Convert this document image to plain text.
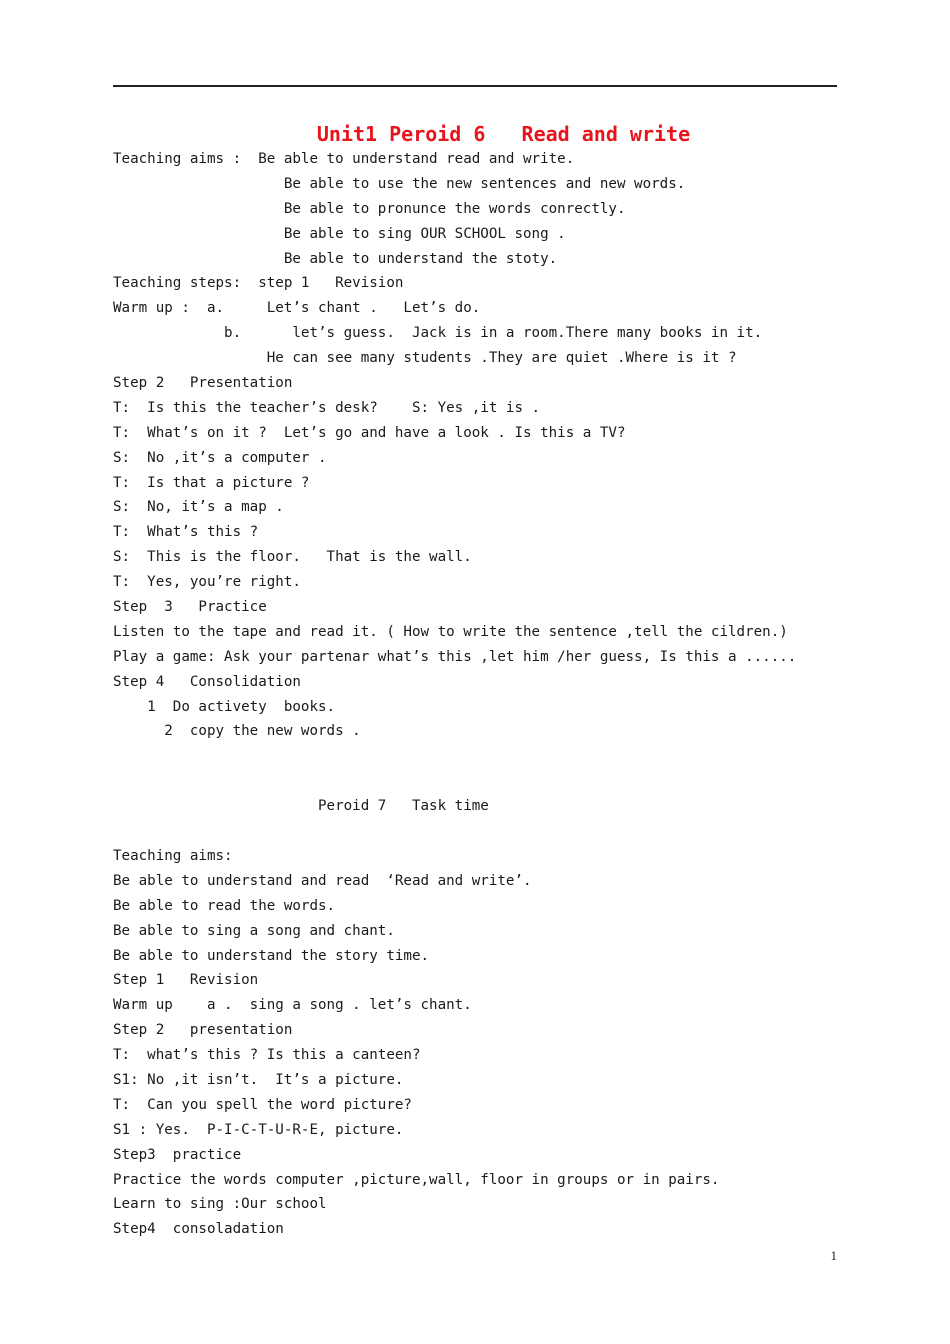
Unit1 Peroid 6   Read and write
Teaching aims :  Be able to understand read and write.
Be able to use the new sentences and new words.
Be able to pronunce the words conrectly.
Be able to sing OUR SCHOOL song .
Be able to understand the stoty.
Teaching steps:  step 1   Revision
Warm up :  a.     Let’s chant .   Let’s do.
b.      let’s guess.  Jack is in a room.There many books in it.
He can see many students .They are quiet .Where is it ?
Step 2   Presentation
T:  Is this the teacher’s desk?    S: Yes ,it is .
T:  What’s on it ?  Let’s go and have a look . Is this a TV?
S:  No ,it’s a computer .
T:  Is that a picture ?
S:  No, it’s a map .
T:  What’s this ?
S:  This is the floor.   That is the wall.
T:  Yes, you’re right.
Step  3   Practice
Listen to the tape and read it. ( How to write the sentence ,tell the cildren.)
Play a game: Ask your partenar what’s this ,let him /her guess, Is this a ......
Step 4   Consolidation
1  Do activety  books.
2  copy the new words .
Peroid 7   Task time
Teaching aims:
Be able to understand and read  ‘Read and write’.
Be able to read the words.
Be able to sing a song and chant.
Be able to understand the story time.
Step 1   Revision
Warm up    a .  sing a song . let’s chant.
Step 2   presentation
T:  what’s this ? Is this a canteen?
S1: No ,it isn’t.  It’s a picture.
T:  Can you spell the word picture?
S1 : Yes.  P-I-C-T-U-R-E, picture.
Step3  practice
Practice the words computer ,picture,wall, floor in groups or in pairs.
Learn to sing :Our school
Step4  consoladation
1
